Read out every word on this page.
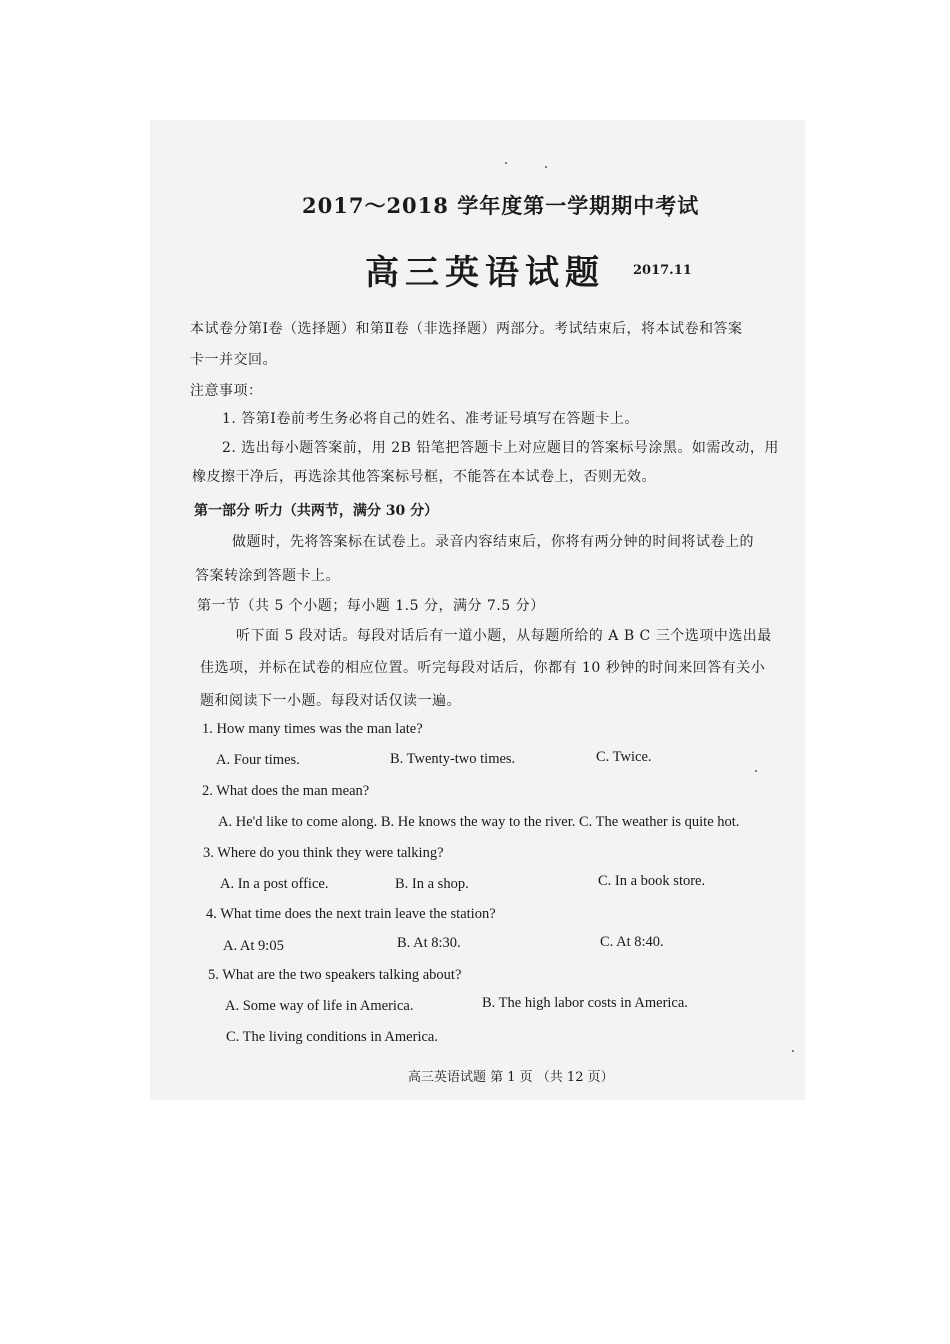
2017～2018 学年度第一学期期中考试
高三英语试题 2017.11
本试卷分第Ⅰ卷（选择题）和第Ⅱ卷（非选择题）两部分。考试结束后，将本试卷和答案
卡一并交回。
注意事项：
1. 答第Ⅰ卷前考生务必将自己的姓名、准考证号填写在答题卡上。
2. 选出每小题答案前，用 2B 铅笔把答题卡上对应题目的答案标号涂黑。如需改动，用
橡皮擦干净后，再选涂其他答案标号框，不能答在本试卷上，否则无效。
第一部分 听力（共两节，满分 30 分）
做题时，先将答案标在试卷上。录音内容结束后，你将有两分钟的时间将试卷上的
答案转涂到答题卡上。
第一节（共 5 个小题；每小题 1.5 分，满分 7.5 分）
听下面 5 段对话。每段对话后有一道小题，从每题所给的 A B C 三个选项中选出最
佳选项，并标在试卷的相应位置。听完每段对话后，你都有 10 秒钟的时间来回答有关小
题和阅读下一小题。每段对话仅读一遍。
1. How many times was the man late?
A. Four times.	B. Twenty-two times.	C. Twice.
2. What does the man mean?
A. He'd like to come along. B. He knows the way to the river. C. The weather is quite hot.
3. Where do you think they were talking?
A. In a post office.	B. In a shop.	C. In a book store.
4. What time does the next train leave the station?
A. At 9:05	B. At 8:30.	C. At 8:40.
5. What are the two speakers talking about?
A. Some way of life in America.	B. The high labor costs in America.
C. The living conditions in America.
高三英语试题 第 1 页 （共 12 页）
